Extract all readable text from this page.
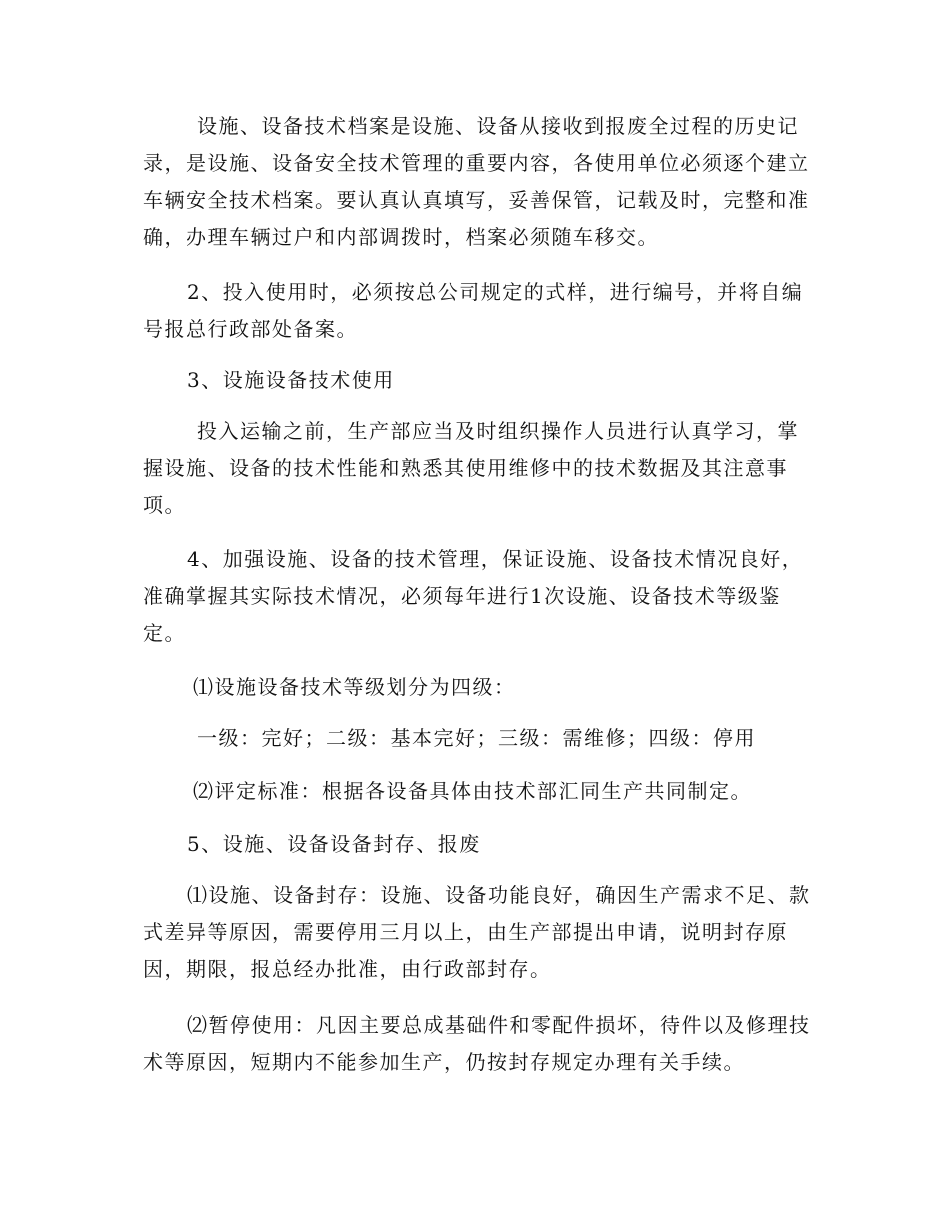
设施、设备技术档案是设施、设备从接收到报废全过程的历史记录，是设施、设备安全技术管理的重要内容，各使用单位必须逐个建立车辆安全技术档案。要认真认真填写，妥善保管，记载及时，完整和准确，办理车辆过户和内部调拨时，档案必须随车移交。

2、投入使用时，必须按总公司规定的式样，进行编号，并将自编号报总行政部处备案。

3、设施设备技术使用

投入运输之前，生产部应当及时组织操作人员进行认真学习，掌握设施、设备的技术性能和熟悉其使用维修中的技术数据及其注意事项。

4、加强设施、设备的技术管理，保证设施、设备技术情况良好，准确掌握其实际技术情况，必须每年进行1次设施、设备技术等级鉴定。

⑴设施设备技术等级划分为四级：

一级：完好；二级：基本完好；三级：需维修；四级：停用

⑵评定标准：根据各设备具体由技术部汇同生产共同制定。

5、设施、设备设备封存、报废

⑴设施、设备封存：设施、设备功能良好，确因生产需求不足、款式差异等原因，需要停用三月以上，由生产部提出申请，说明封存原因，期限，报总经办批准，由行政部封存。

⑵暂停使用：凡因主要总成基础件和零配件损坏，待件以及修理技术等原因，短期内不能参加生产，仍按封存规定办理有关手续。
